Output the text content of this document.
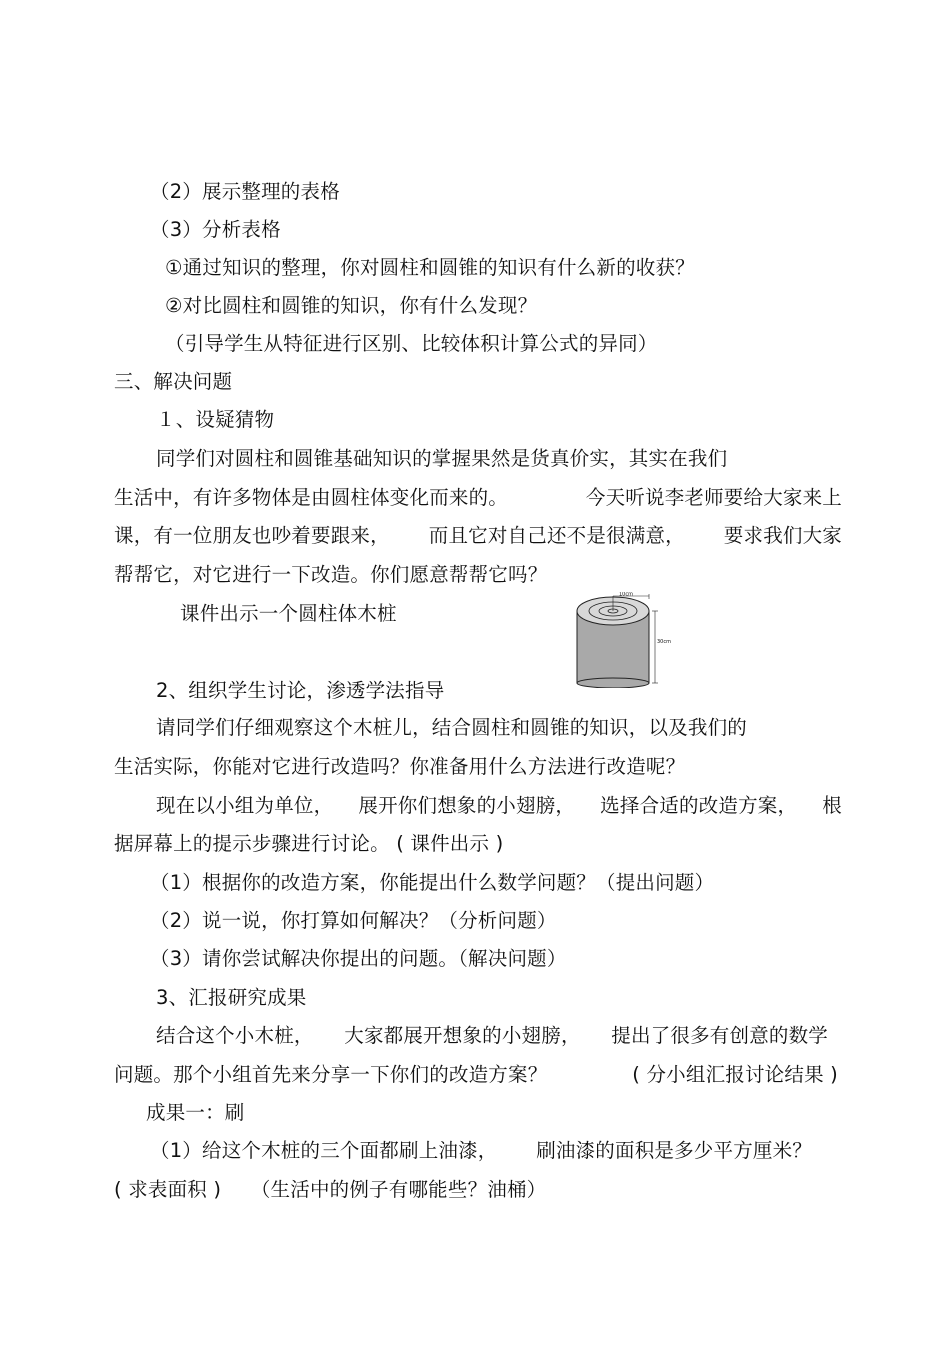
（2）展示整理的表格
（3）分析表格
①通过知识的整理，你对圆柱和圆锥的知识有什么新的收获？
②对比圆柱和圆锥的知识，你有什么发现？
（引导学生从特征进行区别、比较体积计算公式的异同）
三、解决问题
１、设疑猜物
同学们对圆柱和圆锥基础知识的掌握果然是货真价实，其实在我们
生活中，有许多物体是由圆柱体变化而来的。	今天听说李老师要给大家来上
课，有一位朋友也吵着要跟来， 而且它对自己还不是很满意， 要求我们大家
帮帮它，对它进行一下改造。你们愿意帮帮它吗？
课件出示一个圆柱体木桩
10cm
30cm
2、组织学生讨论，渗透学法指导
请同学们仔细观察这个木桩儿，结合圆柱和圆锥的知识，以及我们的
生活实际，你能对它进行改造吗？你准备用什么方法进行改造呢？
现在以小组为单位， 展开你们想象的小翅膀， 选择合适的改造方案， 根
据屏幕上的提示步骤进行讨论。 ( 课件出示 )
（1）根据你的改造方案，你能提出什么数学问题？（提出问题）
（2）说一说，你打算如何解决？（分析问题）
（3）请你尝试解决你提出的问题。（解决问题）
3、汇报研究成果
结合这个小木桩， 大家都展开想象的小翅膀， 提出了很多有创意的数学
问题。那个小组首先来分享一下你们的改造方案？	( 分小组汇报讨论结果 )
成果一：刷
（1）给这个木桩的三个面都刷上油漆， 刷油漆的面积是多少平方厘米？
( 求表面积 )　　（生活中的例子有哪能些？油桶）
